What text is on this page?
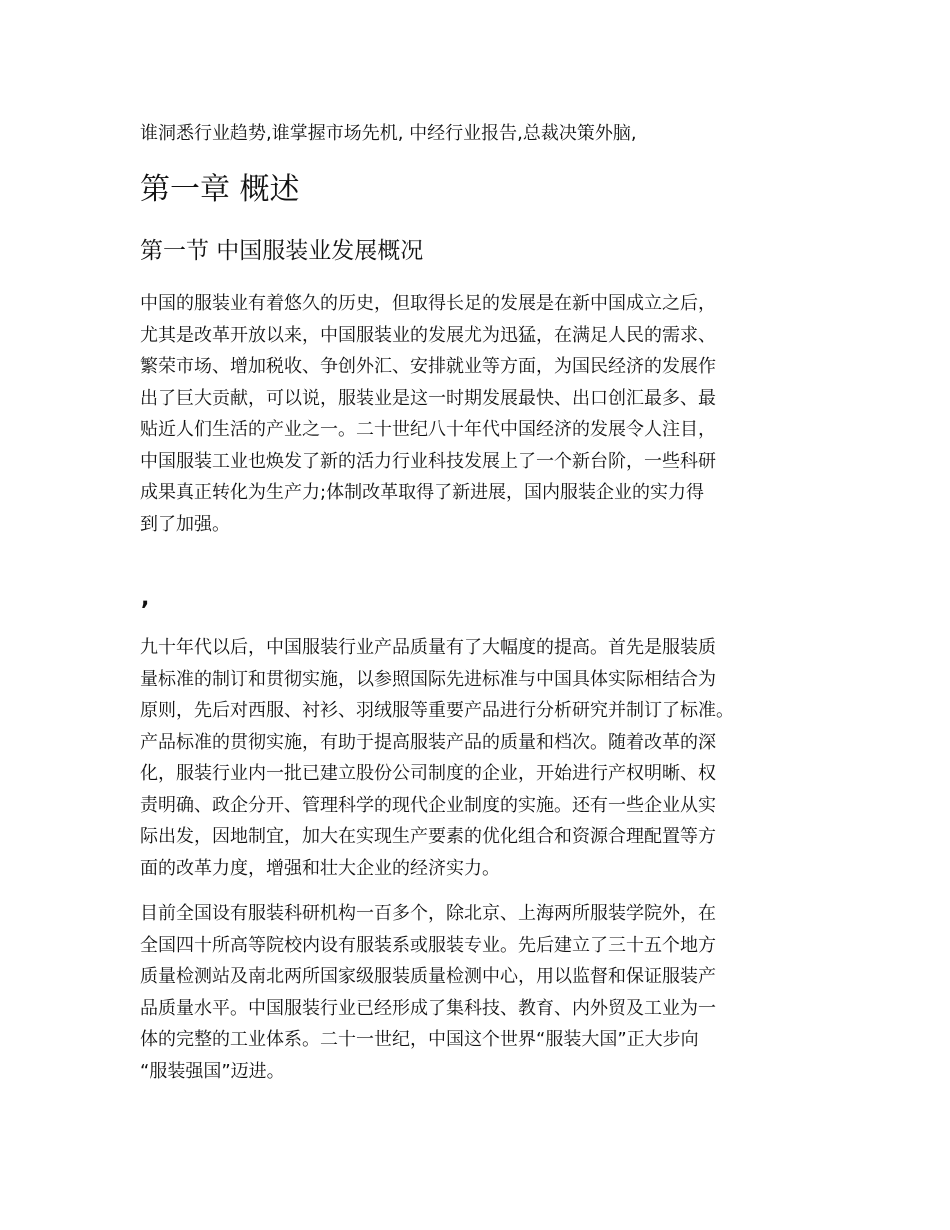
谁洞悉行业趋势,谁掌握市场先机, 中经行业报告,总裁决策外脑,
第一章 概述
第一节 中国服装业发展概况

中国的服装业有着悠久的历史，但取得长足的发展是在新中国成立之后，
尤其是改革开放以来，中国服装业的发展尤为迅猛，在满足人民的需求、
繁荣市场、增加税收、争创外汇、安排就业等方面，为国民经济的发展作
出了巨大贡献，可以说，服装业是这一时期发展最快、出口创汇最多、最
贴近人们生活的产业之一。二十世纪八十年代中国经济的发展令人注目，
中国服装工业也焕发了新的活力行业科技发展上了一个新台阶，一些科研
成果真正转化为生产力;体制改革取得了新进展，国内服装企业的实力得
到了加强。

,

九十年代以后，中国服装行业产品质量有了大幅度的提高。首先是服装质
量标准的制订和贯彻实施，以参照国际先进标准与中国具体实际相结合为
原则，先后对西服、衬衫、羽绒服等重要产品进行分析研究并制订了标准。
产品标准的贯彻实施，有助于提高服装产品的质量和档次。随着改革的深
化，服装行业内一批已建立股份公司制度的企业，开始进行产权明晰、权
责明确、政企分开、管理科学的现代企业制度的实施。还有一些企业从实
际出发，因地制宜，加大在实现生产要素的优化组合和资源合理配置等方
面的改革力度，增强和壮大企业的经济实力。

目前全国设有服装科研机构一百多个，除北京、上海两所服装学院外，在
全国四十所高等院校内设有服装系或服装专业。先后建立了三十五个地方
质量检测站及南北两所国家级服装质量检测中心，用以监督和保证服装产
品质量水平。中国服装行业已经形成了集科技、教育、内外贸及工业为一
体的完整的工业体系。二十一世纪，中国这个世界“服装大国”正大步向
“服装强国”迈进。
